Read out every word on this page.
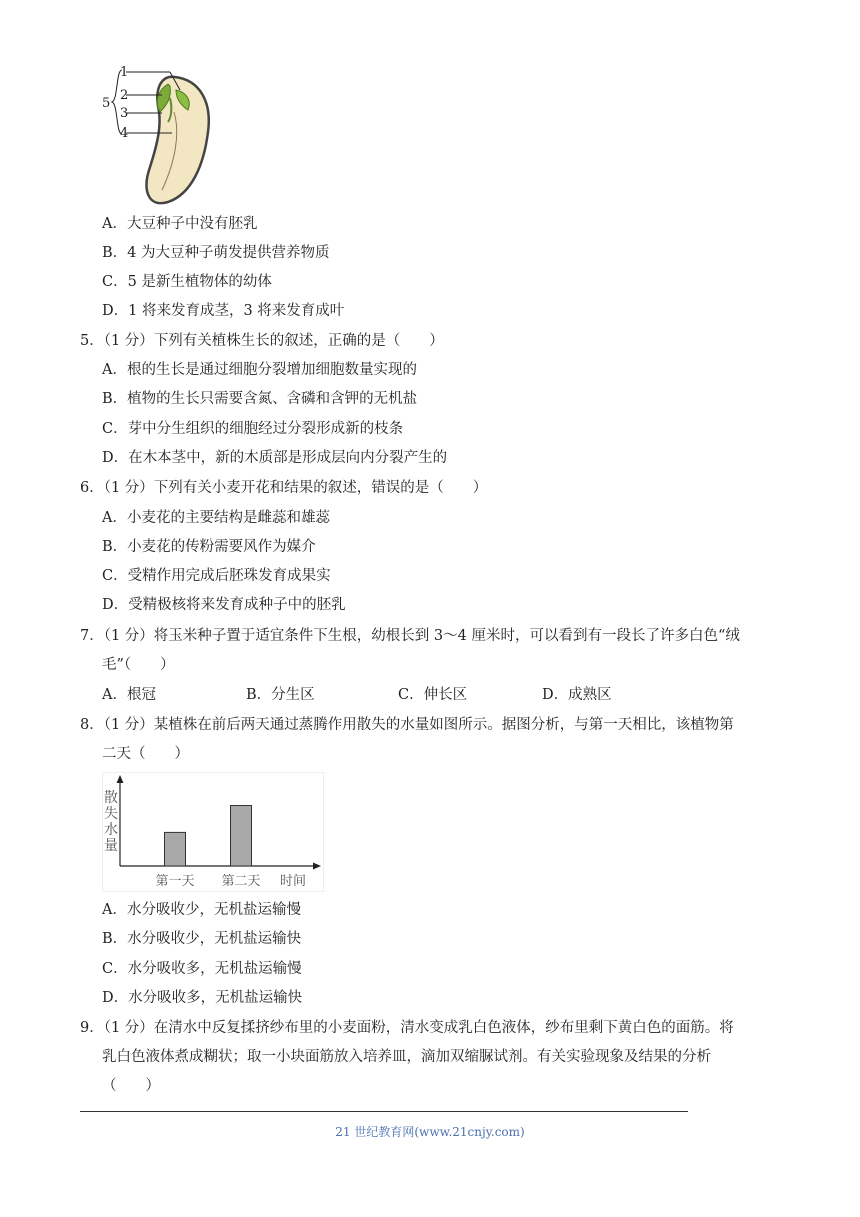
1
2
3
4
5
A．大豆种子中没有胚乳
B．4 为大豆种子萌发提供营养物质
C．5 是新生植物体的幼体
D．1 将来发育成茎，3 将来发育成叶
5．（1 分）下列有关植株生长的叙述，正确的是（　　）
A．根的生长是通过细胞分裂增加细胞数量实现的
B．植物的生长只需要含氮、含磷和含钾的无机盐
C．芽中分生组织的细胞经过分裂形成新的枝条
D．在木本茎中，新的木质部是形成层向内分裂产生的
6．（1 分）下列有关小麦开花和结果的叙述，错误的是（　　）
A．小麦花的主要结构是雌蕊和雄蕊
B．小麦花的传粉需要风作为媒介
C．受精作用完成后胚珠发育成果实
D．受精极核将来发育成种子中的胚乳
7．（1 分）将玉米种子置于适宜条件下生根，幼根长到 3～4 厘米时，可以看到有一段长了许多白色“绒
毛”（　　）
A．根冠	B．分生区	C．伸长区	D．成熟区
8．（1 分）某植株在前后两天通过蒸腾作用散失的水量如图所示。据图分析，与第一天相比，该植物第
二天（　　）
散
失
水
量
第一天 第二天 时间
A．水分吸收少，无机盐运输慢
B．水分吸收少，无机盐运输快
C．水分吸收多，无机盐运输慢
D．水分吸收多，无机盐运输快
9．（1 分）在清水中反复揉挤纱布里的小麦面粉，清水变成乳白色液体，纱布里剩下黄白色的面筋。将
乳白色液体煮成糊状；取一小块面筋放入培养皿，滴加双缩脲试剂。有关实验现象及结果的分析
（　　）
21 世纪教育网(www.21cnjy.com)
